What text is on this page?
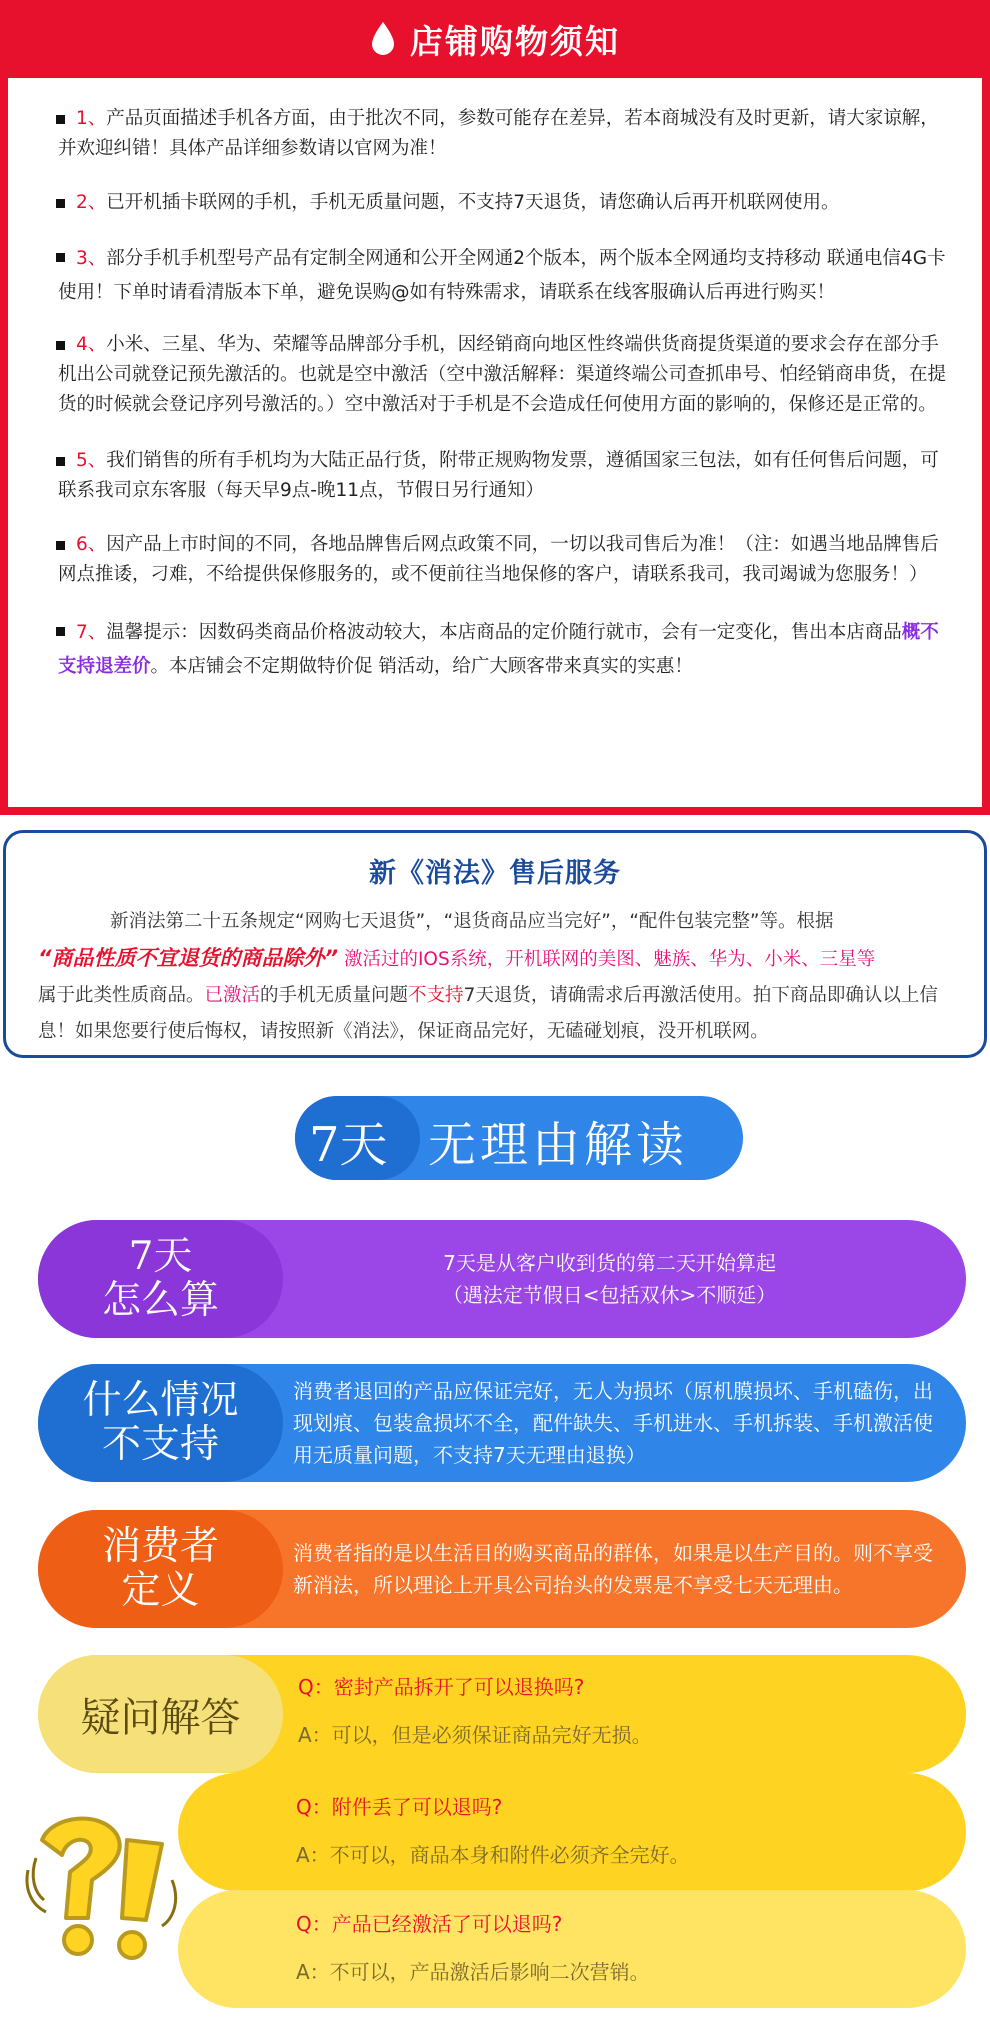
店铺购物须知
1、产品页面描述手机各方面，由于批次不同，参数可能存在差异，若本商城没有及时更新，请大家谅解，并欢迎纠错！具体产品详细参数请以官网为准！
2、已开机插卡联网的手机，手机无质量问题，不支持7天退货，请您确认后再开机联网使用。
3、部分手机手机型号产品有定制全网通和公开全网通2个版本，两个版本全网通均支持移动 联通电信4G卡使用！下单时请看清版本下单，避免误购@如有特殊需求，请联系在线客服确认后再进行购买！
4、小米、三星、华为、荣耀等品牌部分手机，因经销商向地区性终端供货商提货渠道的要求会存在部分手机出公司就登记预先激活的。也就是空中激活（空中激活解释：渠道终端公司查抓串号、怕经销商串货，在提货的时候就会登记序列号激活的。）空中激活对于手机是不会造成任何使用方面的影响的，保修还是正常的。
5、我们销售的所有手机均为大陆正品行货，附带正规购物发票，遵循国家三包法，如有任何售后问题，可联系我司京东客服（每天早9点-晚11点，节假日另行通知）
6、因产品上市时间的不同，各地品牌售后网点政策不同，一切以我司售后为准！（注：如遇当地品牌售后网点推诿，刁难，不给提供保修服务的，或不便前往当地保修的客户，请联系我司，我司竭诚为您服务！）
7、温馨提示：因数码类商品价格波动较大，本店商品的定价随行就市，会有一定变化，售出本店商品概不支持退差价。本店铺会不定期做特价促 销活动，给广大顾客带来真实的实惠！
新《消法》售后服务
新消法第二十五条规定“网购七天退货”，“退货商品应当完好”，“配件包装完整”等。根据
“商品性质不宜退货的商品除外” 激活过的IOS系统，开机联网的美图、魅族、华为、小米、三星等
属于此类性质商品。已激活的手机无质量问题不支持7天退货，请确需求后再激活使用。拍下商品即确认以上信息！如果您要行使后悔权，请按照新《消法》，保证商品完好，无磕碰划痕，没开机联网。
7天 无理由解读
7天
怎么算
7天是从客户收到货的第二天开始算起
（遇法定节假日<包括双休>不顺延）
什么情况
不支持
消费者退回的产品应保证完好，无人为损坏（原机膜损坏、手机磕伤，出现划痕、包装盒损坏不全，配件缺失、手机进水、手机拆装、手机激活使用无质量问题，不支持7天无理由退换）
消费者
定义
消费者指的是以生活目的购买商品的群体，如果是以生产目的。则不享受新消法，所以理论上开具公司抬头的发票是不享受七天无理由。
疑问解答
Q：密封产品拆开了可以退换吗?
A：可以，但是必须保证商品完好无损。
Q：附件丢了可以退吗?
A：不可以，商品本身和附件必须齐全完好。
Q：产品已经激活了可以退吗?
A：不可以，产品激活后影响二次营销。
